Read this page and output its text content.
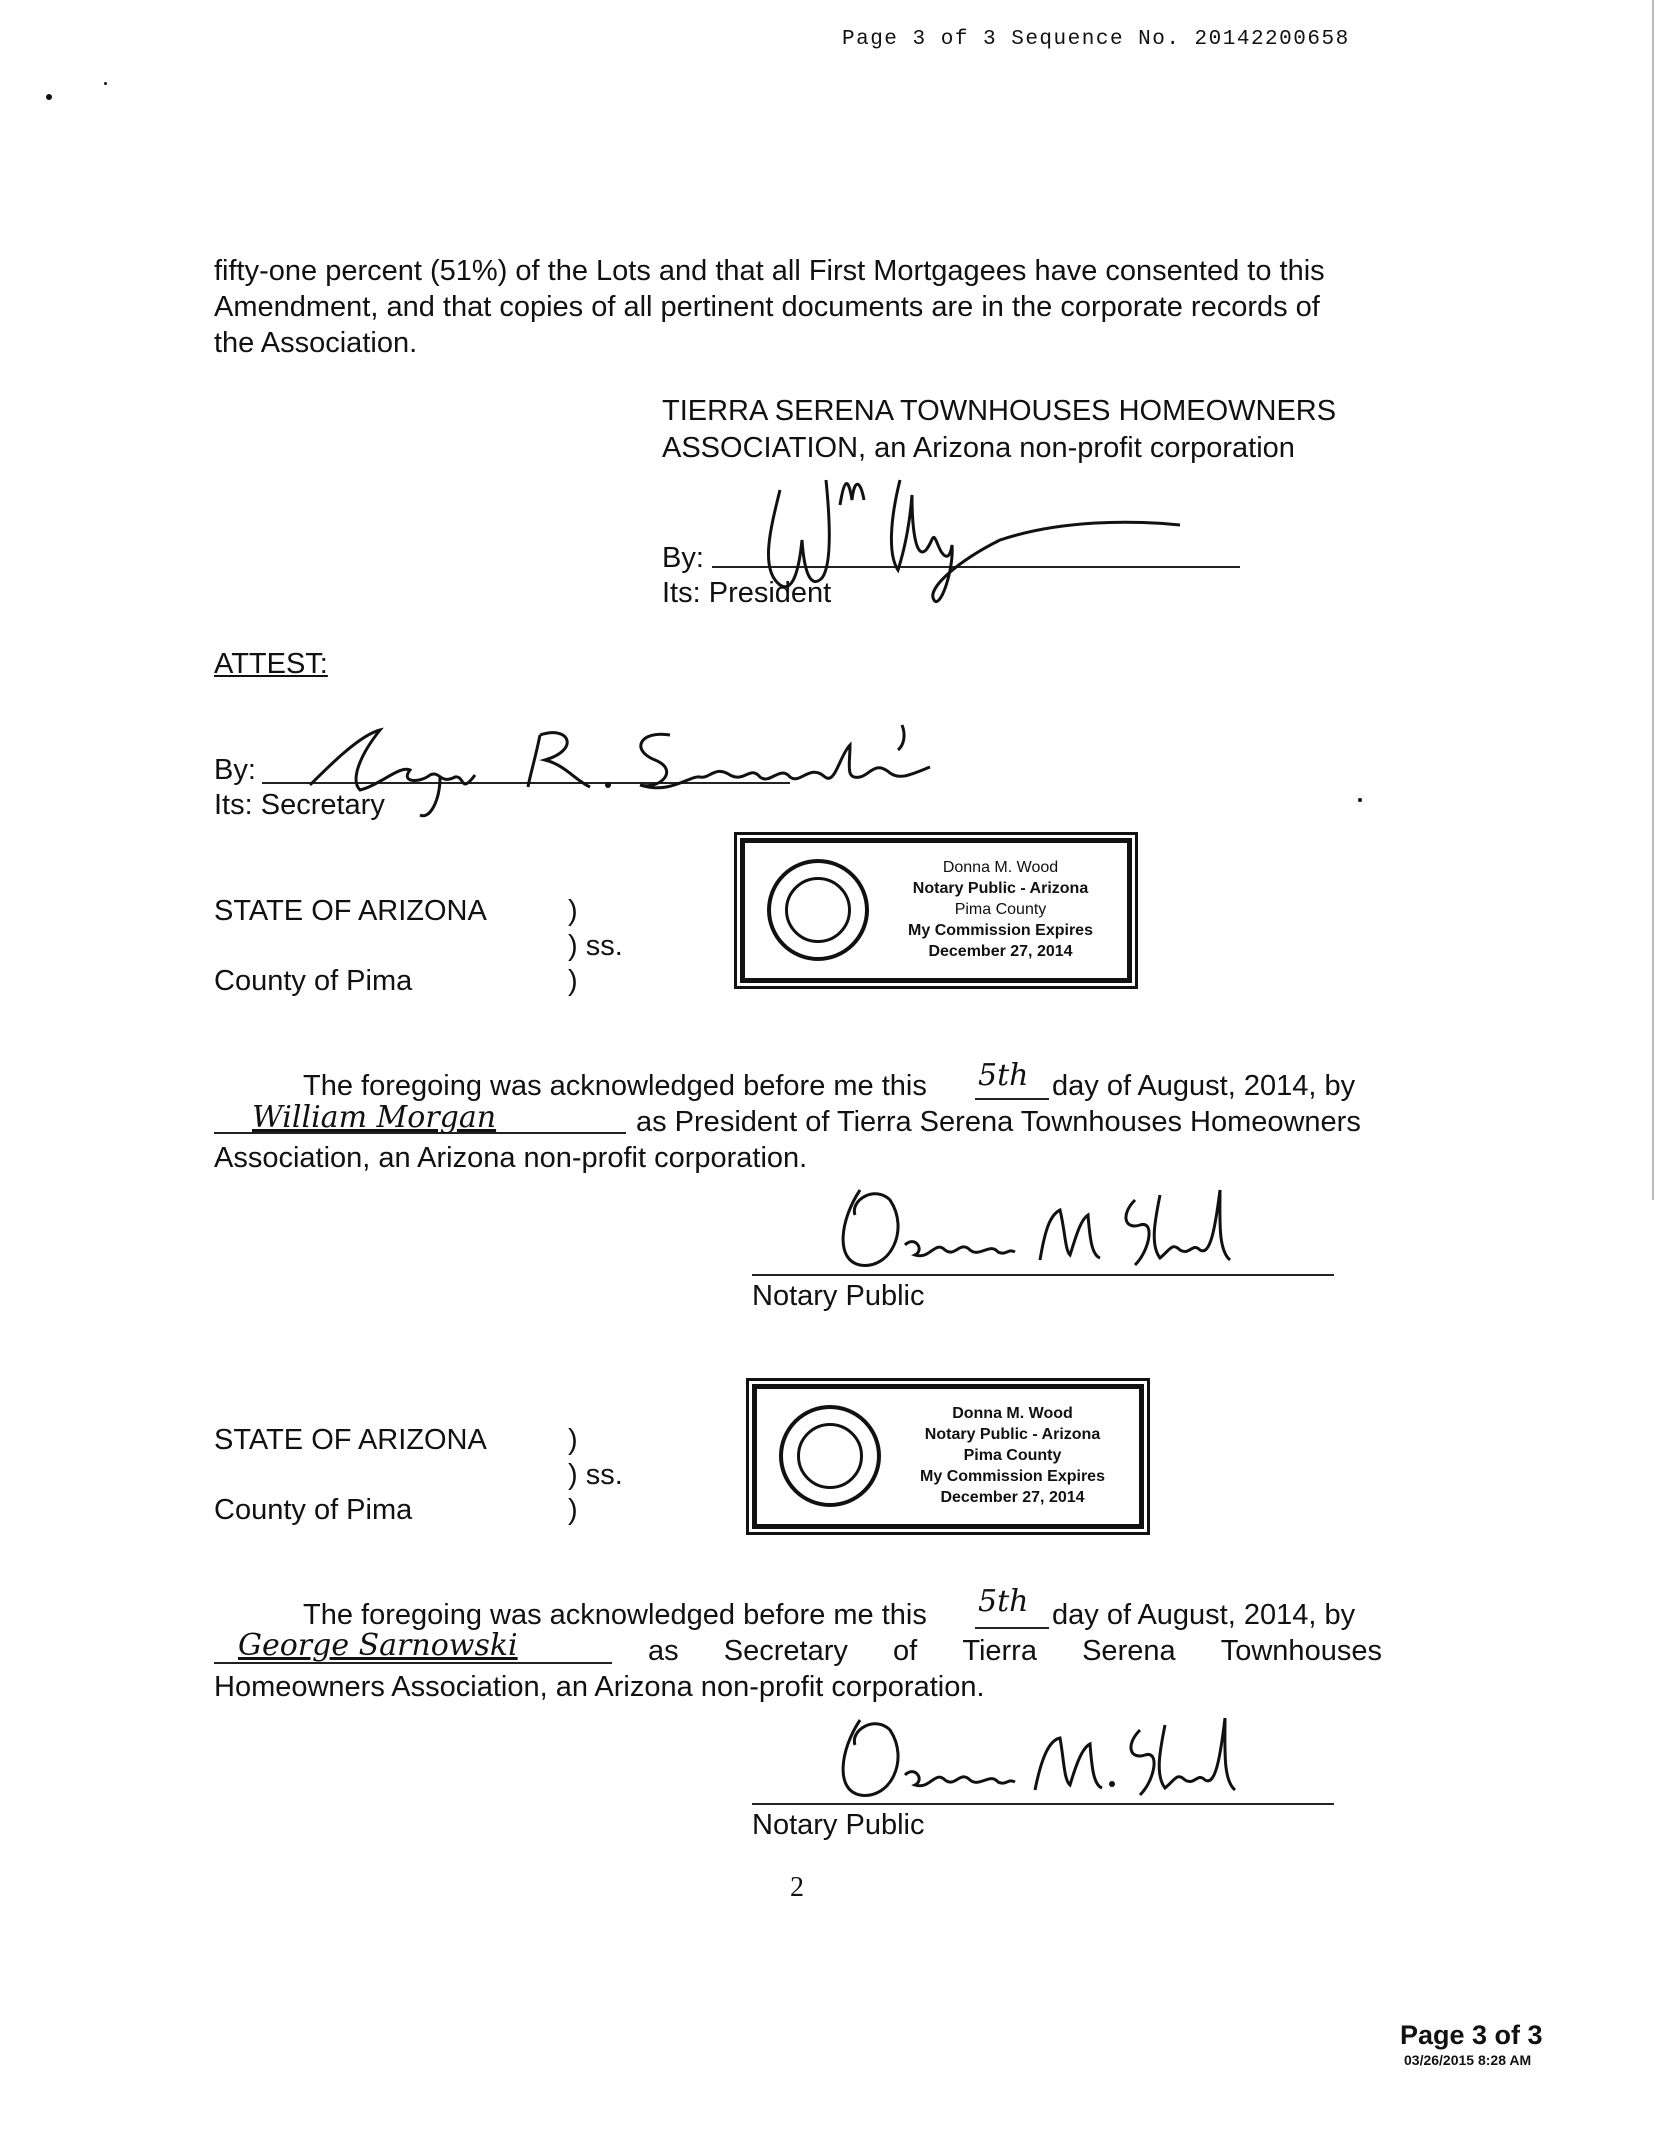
Page 3 of 3 Sequence No. 20142200658
fifty-one percent (51%) of the Lots and that all First Mortgagees have consented to this
Amendment, and that copies of all pertinent documents are in the corporate records of
the Association.
TIERRA SERENA TOWNHOUSES HOMEOWNERS
ASSOCIATION, an Arizona non-profit corporation
By:
Its: President
ATTEST:
By:
Its: Secretary
STATE OF ARIZONA	)
) ss.
County of Pima	)
Donna M. Wood
Notary Public - Arizona
Pima County
My Commission Expires
December 27, 2014
The foregoing was acknowledged before me this 5th day of August, 2014, by
William Morgan	as President of Tierra Serena Townhouses Homeowners
Association, an Arizona non-profit corporation.
Notary Public
STATE OF ARIZONA	)
) ss.
County of Pima	)
Donna M. Wood
Notary Public - Arizona
Pima County
My Commission Expires
December 27, 2014
The foregoing was acknowledged before me this 5th day of August, 2014, by
George Sarnowski	as Secretary of Tierra Serena Townhouses
Homeowners Association, an Arizona non-profit corporation.
Notary Public
2
Page 3 of 3
03/26/2015 8:28 AM
